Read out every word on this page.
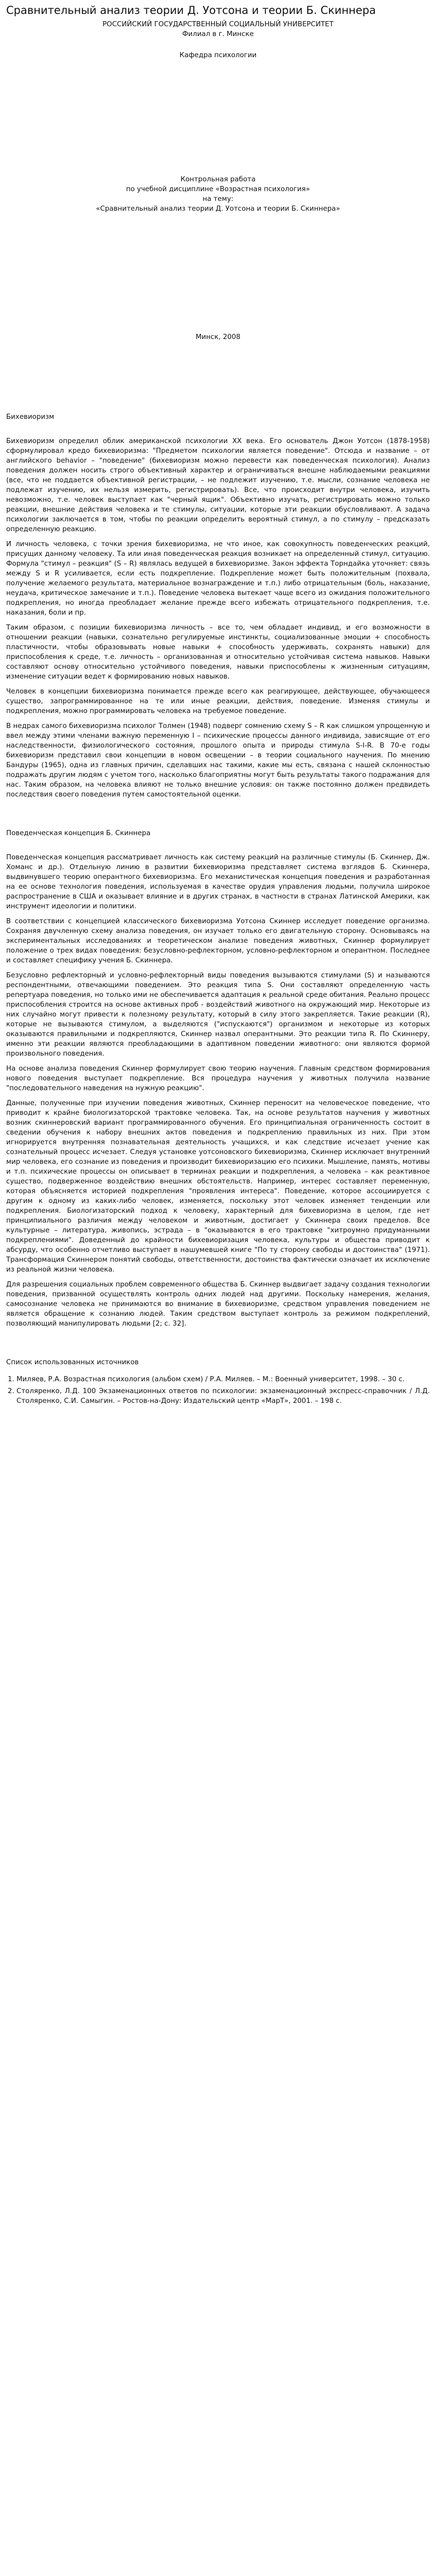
Сравнительный анализ теории Д. Уотсона и теории Б. Скиннера

РОССИЙСКИЙ ГОСУДАРСТВЕННЫЙ СОЦИАЛЬНЫЙ УНИВЕРСИТЕТ

Филиал в г. Минске

Кафедра психологии

Контрольная работа

по учебной дисциплине «Возрастная психология»

на тему:

«Сравнительный анализ теории Д. Уотсона и теории Б. Скиннера»

Минск, 2008

Бихевиоризм

Бихевиоризм определил облик американской психологии XX века. Его основатель Джон Уотсон (1878-1958) сформулировал кредо бихевиоризма: "Предметом психологии является поведение". Отсюда и название – от английского behavior – "поведение" (бихевиоризм можно перевести как поведенческая психология). Анализ поведения должен носить строго объективный характер и ограничиваться внешне наблюдаемыми реакциями (все, что не поддается объективной регистрации, – не подлежит изучению, т.е. мысли, сознание человека не подлежат изучению, их нельзя измерить, регистрировать). Все, что происходит внутри человека, изучить невозможно, т.е. человек выступает как "черный ящик". Объективно изучать, регистрировать можно только реакции, внешние действия человека и те стимулы, ситуации, которые эти реакции обусловливают. А задача психологии заключается в том, чтобы по реакции определить вероятный стимул, а по стимулу – предсказать определенную реакцию.

И личность человека, с точки зрения бихевиоризма, не что иное, как совокупность поведенческих реакций, присущих данному человеку. Та или иная поведенческая реакция возникает на определенный стимул, ситуацию. Формула "стимул – реакция" (S – R) являлась ведущей в бихевиоризме. Закон эффекта Торндайка уточняет: связь между S и R усиливается, если есть подкрепление. Подкрепление может быть положительным (похвала, получение желаемого результата, материальное вознаграждение и т.п.) либо отрицательным (боль, наказание, неудача, критическое замечание и т.п.). Поведение человека вытекает чаще всего из ожидания положительного подкрепления, но иногда преобладает желание прежде всего избежать отрицательного подкрепления, т.е. наказания, боли и пр.

Таким образом, с позиции бихевиоризма личность – все то, чем обладает индивид, и его возможности в отношении реакции (навыки, сознательно регулируемые инстинкты, социализованные эмоции + способность пластичности, чтобы образовывать новые навыки + способность удерживать, сохранять навыки) для приспособления к среде, т.е. личность – организованная и относительно устойчивая система навыков. Навыки составляют основу относительно устойчивого поведения, навыки приспособлены к жизненным ситуациям, изменение ситуации ведет к формированию новых навыков.

Человек в концепции бихевиоризма понимается прежде всего как реагирующее, действующее, обучающееся существо, запрограммированное на те или иные реакции, действия, поведение. Изменяя стимулы и подкрепления, можно программировать человека на требуемое поведение.

В недрах самого бихевиоризма психолог Толмен (1948) подверг сомнению схему S – R как слишком упрощенную и ввел между этими членами важную переменную I – психические процессы данного индивида, зависящие от его наследственности, физиологического состояния, прошлого опыта и природы стимула S-I-R. В 70-е годы бихевиоризм представил свои концепции в новом освещении – в теории социального научения. По мнению Бандуры (1965), одна из главных причин, сделавших нас такими, какие мы есть, связана с нашей склонностью подражать другим людям с учетом того, насколько благоприятны могут быть результаты такого подражания для нас. Таким образом, на человека влияют не только внешние условия: он также постоянно должен предвидеть последствия своего поведения путем самостоятельной оценки.

Поведенческая концепция Б. Скиннера

Поведенческая концепция рассматривает личность как систему реакций на различные стимулы (Б. Скиннер, Дж. Хоманс и др.). Отдельную линию в развитии бихевиоризма представляет система взглядов Б. Скиннера, выдвинувшего теорию оперантного бихевиоризма. Его механистическая концепция поведения и разработанная на ее основе технология поведения, используемая в качестве орудия управления людьми, получила широкое распространение в США и оказывает влияние и в других странах, в частности в странах Латинской Америки, как инструмент идеологии и политики.

В соответствии с концепцией классического бихевиоризма Уотсона Скиннер исследует поведение организма. Сохраняя двучленную схему анализа поведения, он изучает только его двигательную сторону. Основываясь на экспериментальных исследованиях и теоретическом анализе поведения животных, Скиннер формулирует положение о трех видах поведения: безусловно-рефлекторном, условно-рефлекторном и оперантном. Последнее и составляет специфику учения Б. Скиннера.

Безусловно рефлекторный и условно-рефлекторный виды поведения вызываются стимулами (S) и называются респондентными, отвечающими поведением. Это реакция типа S. Они составляют определенную часть репертуара поведения, но только ими не обеспечивается адаптация к реальной среде обитания. Реально процесс приспособления строится на основе активных проб - воздействий животного на окружающий мир. Некоторые из них случайно могут привести к полезному результату, который в силу этого закрепляется. Такие реакции (R), которые не вызываются стимулом, а выделяются ("испускаются") организмом и некоторые из которых оказываются правильными и подкрепляются, Скиннер назвал оперантными. Это реакции типа R. По Скиннеру, именно эти реакции являются преобладающими в адаптивном поведении животного: они являются формой произвольного поведения.

На основе анализа поведения Скиннер формулирует свою теорию научения. Главным средством формирования нового поведения выступает подкрепление. Вся процедура научения у животных получила название "последовательного наведения на нужную реакцию".

Данные, полученные при изучении поведения животных, Скиннер переносит на человеческое поведение, что приводит к крайне биологизаторской трактовке человека. Так, на основе результатов научения у животных возник скиннеровский вариант программированного обучения. Его принципиальная ограниченность состоит в сведении обучения к набору внешних актов поведения и подкреплению правильных из них. При этом игнорируется внутренняя познавательная деятельность учащихся, и как следствие исчезает учение как сознательный процесс исчезает. Следуя установке уотсоновского бихевиоризма, Скиннер исключает внутренний мир человека, его сознание из поведения и производит бихевиоризацию его психики. Мышление, память, мотивы и т.п. психические процессы он описывает в терминах реакции и подкрепления, а человека – как реактивное существо, подверженное воздействию внешних обстоятельств. Например, интерес составляет переменную, которая объясняется историей подкрепления "проявления интереса". Поведение, которое ассоциируется с другим к одному из каких-либо человек, изменяется, поскольку этот человек изменяет тенденции или подкрепления. Биологизаторский подход к человеку, характерный для бихевиоризма в целом, где нет принципиального различия между человеком и животным, достигает у Скиннера своих пределов. Все культурные – литература, живопись, эстрада – в "оказываются в его трактовке "хитроумно придуманными подкреплениями". Доведенный до крайности бихевиоризация человека, культуры и общества приводит к абсурду, что особенно отчетливо выступает в нашумевшей книге "По ту сторону свободы и достоинства" (1971). Трансформация Скиннером понятий свободы, ответственности, достоинства фактически означает их исключение из реальной жизни человека.

Для разрешения социальных проблем современного общества Б. Скиннер выдвигает задачу создания технологии поведения, призванной осуществлять контроль одних людей над другими. Поскольку намерения, желания, самосознание человека не принимаются во внимание в бихевиоризме, средством управления поведением не является обращение к сознанию людей. Таким средством выступает контроль за режимом подкреплений, позволяющий манипулировать людьми [2; с. 32].

Список использованных источников
1. Миляев, Р.А. Возрастная психология (альбом схем) / Р.А. Миляев. – М.: Военный университет, 1998. – 30 с.
2. Столяренко, Л.Д. 100 Экзаменационных ответов по психологии: экзаменационный экспресс-справочник / Л.Д. Столяренко, С.И. Самыгин. – Ростов-на-Дону: Издательский центр «МарТ», 2001. – 198 с.
